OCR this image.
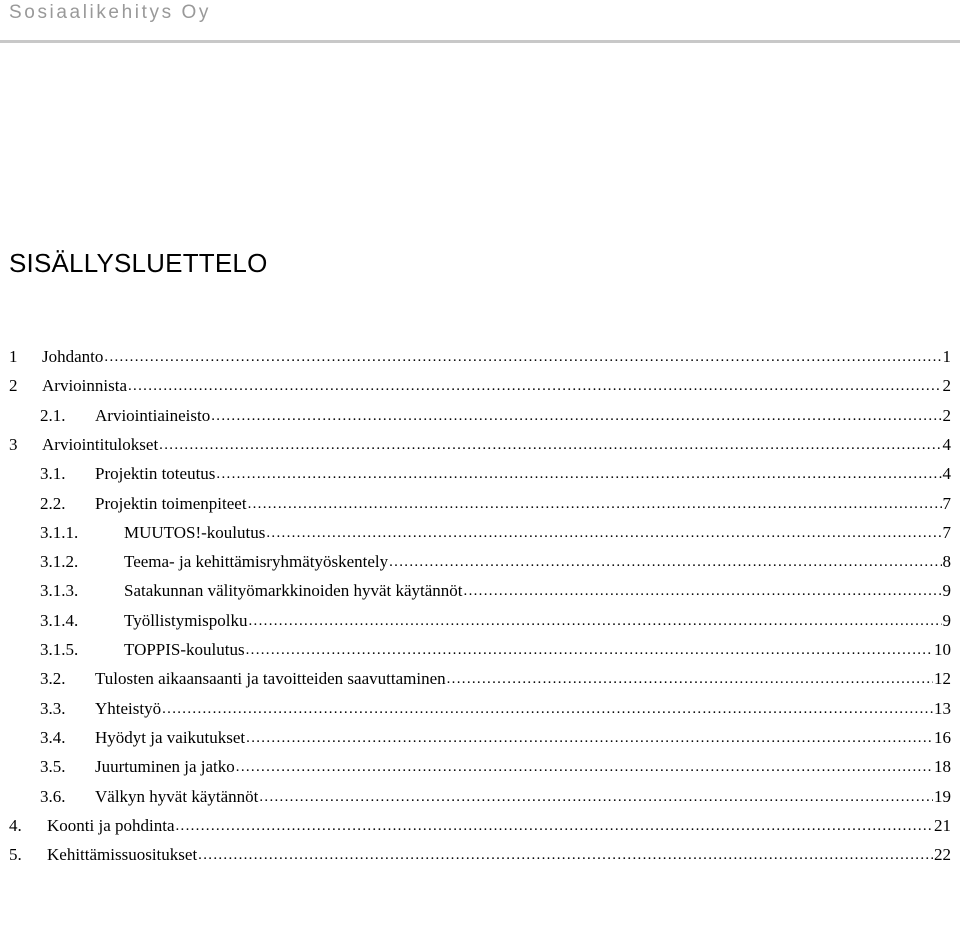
Sosiaalikehitys Oy
SISÄLLYSLUETTELO
1	Johdanto .....	1
2	Arvioinnista .....	2
2.1.	Arviointiaineisto .....	2
3	Arviointitulokset .....	4
3.1.	Projektin toteutus .....	4
2.2.	Projektin toimenpiteet .....	7
3.1.1.	MUUTOS!-koulutus .....	7
3.1.2.	Teema- ja kehittämisryhmätyöskentely .....	8
3.1.3.	Satakunnan välityömarkkinoiden hyvät käytännöt .....	9
3.1.4.	Työllistymispolku .....	9
3.1.5.	TOPPIS-koulutus .....	10
3.2.	Tulosten aikaansaanti ja tavoitteiden saavuttaminen .....	12
3.3.	Yhteistyö .....	13
3.4.	Hyödyt ja vaikutukset .....	16
3.5.	Juurtuminen ja jatko .....	18
3.6.	Välkyn hyvät käytännöt .....	19
4.	Koonti ja pohdinta .....	21
5.	Kehittämissuositukset .....	22
